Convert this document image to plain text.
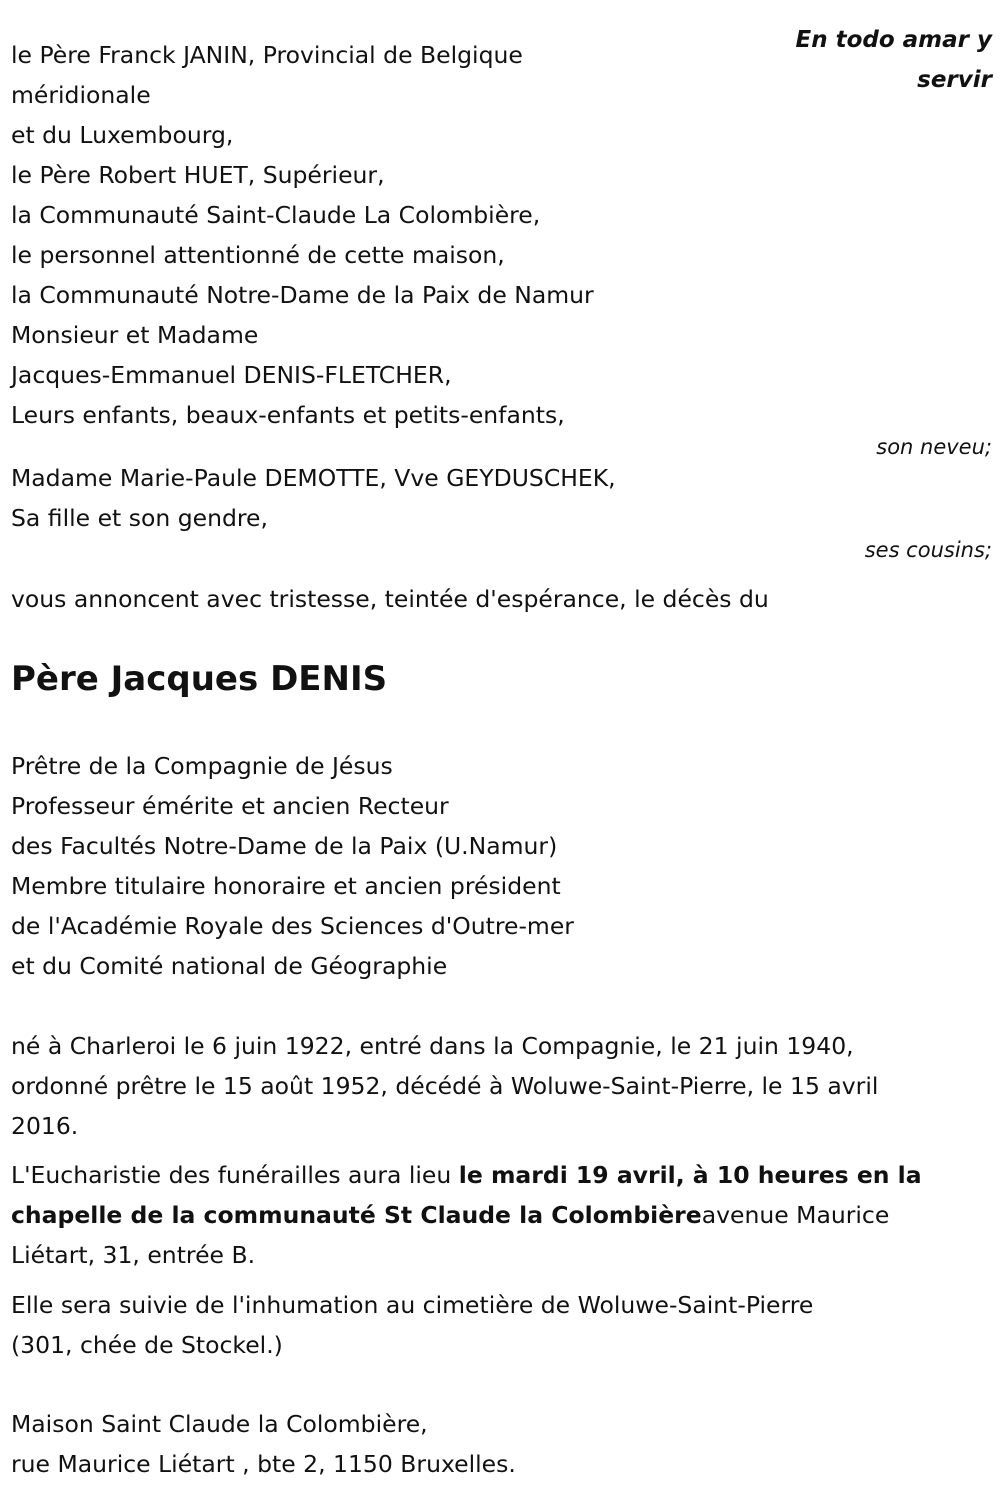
En todo amar y
servir
le Père Franck JANIN, Provincial de Belgique
méridionale
et du Luxembourg,
le Père Robert HUET, Supérieur,
la Communauté Saint-Claude La Colombière,
le personnel attentionné de cette maison,
la Communauté Notre-Dame de la Paix de Namur
Monsieur et Madame
Jacques-Emmanuel DENIS-FLETCHER,
Leurs enfants, beaux-enfants et petits-enfants,
son neveu;
Madame Marie-Paule DEMOTTE, Vve GEYDUSCHEK,
Sa fille et son gendre,
ses cousins;
vous annoncent avec tristesse, teintée d'espérance, le décès du
Père Jacques DENIS
Prêtre de la Compagnie de Jésus
Professeur émérite et ancien Recteur
des Facultés Notre-Dame de la Paix (U.Namur)
Membre titulaire honoraire et ancien président
de l'Académie Royale des Sciences d'Outre-mer
et du Comité national de Géographie
né à Charleroi le 6 juin 1922, entré dans la Compagnie, le 21 juin 1940,
ordonné prêtre le 15 août 1952, décédé à Woluwe-Saint-Pierre, le 15 avril
2016.
L'Eucharistie des funérailles aura lieu le mardi 19 avril, à 10 heures en la
chapelle de la communauté St Claude la Colombièreavenue Maurice
Liétart, 31, entrée B.
Elle sera suivie de l'inhumation au cimetière de Woluwe-Saint-Pierre
(301, chée de Stockel.)
Maison Saint Claude la Colombière,
rue Maurice Liétart , bte 2, 1150 Bruxelles.
